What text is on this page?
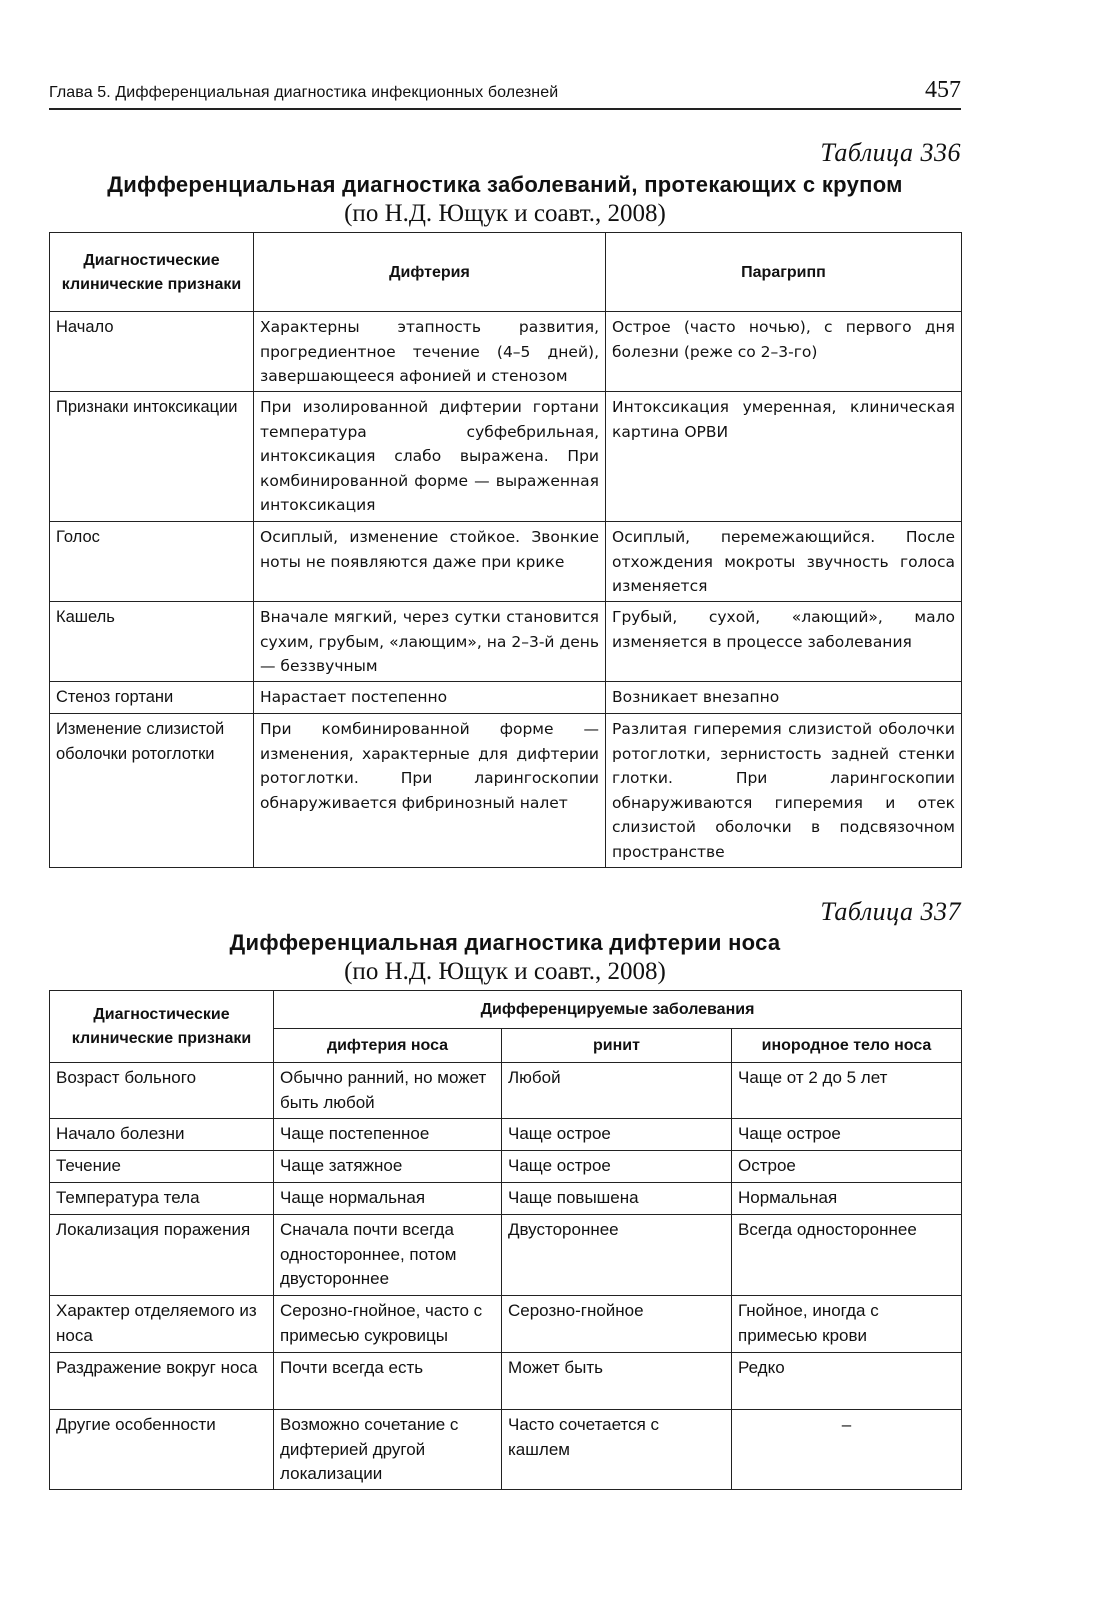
Глава 5. Дифференциальная диагностика инфекционных болезней	457
Таблица 336
Дифференциальная диагностика заболеваний, протекающих с крупом
(по Н.Д. Ющук и соавт., 2008)
Диагностические клинические признаки	Дифтерия	Парагрипп
Начало	Характерны этапность развития, прогредиентное течение (4–5 дней), завершающееся афонией и стенозом	Острое (часто ночью), с первого дня болезни (реже со 2–3-го)
Признаки интоксикации	При изолированной дифтерии гортани температура субфебрильная, интоксикация слабо выражена. При комбинированной форме — выраженная интоксикация	Интоксикация умеренная, клиническая картина ОРВИ
Голос	Осиплый, изменение стойкое. Звонкие ноты не появляются даже при крике	Осиплый, перемежающийся. После отхождения мокроты звучность голоса изменяется
Кашель	Вначале мягкий, через сутки становится сухим, грубым, «лающим», на 2–3-й день — беззвучным	Грубый, сухой, «лающий», мало изменяется в процессе заболевания
Стеноз гортани	Нарастает постепенно	Возникает внезапно
Изменение слизистой оболочки ротоглотки	При комбинированной форме — изменения, характерные для дифтерии ротоглотки. При ларингоскопии обнаруживается фибринозный налет	Разлитая гиперемия слизистой оболочки ротоглотки, зернистость задней стенки глотки. При ларингоскопии обнаруживаются гиперемия и отек слизистой оболочки в подсвязочном пространстве
Таблица 337
Дифференциальная диагностика дифтерии носа
(по Н.Д. Ющук и соавт., 2008)
Диагностические клинические признаки	Дифференцируемые заболевания		
	дифтерия носа	ринит	инородное тело носа
Возраст больного	Обычно ранний, но может быть любой	Любой	Чаще от 2 до 5 лет
Начало болезни	Чаще постепенное	Чаще острое	Чаще острое
Течение	Чаще затяжное	Чаще острое	Острое
Температура тела	Чаще нормальная	Чаще повышена	Нормальная
Локализация поражения	Сначала почти всегда одностороннее, потом двустороннее	Двустороннее	Всегда одностороннее
Характер отделяемого из носа	Серозно-гнойное, часто с примесью сукровицы	Серозно-гнойное	Гнойное, иногда с примесью крови
Раздражение вокруг носа	Почти всегда есть	Может быть	Редко
Другие особенности	Возможно сочетание с дифтерией другой локализации	Часто сочетается с кашлем	–
